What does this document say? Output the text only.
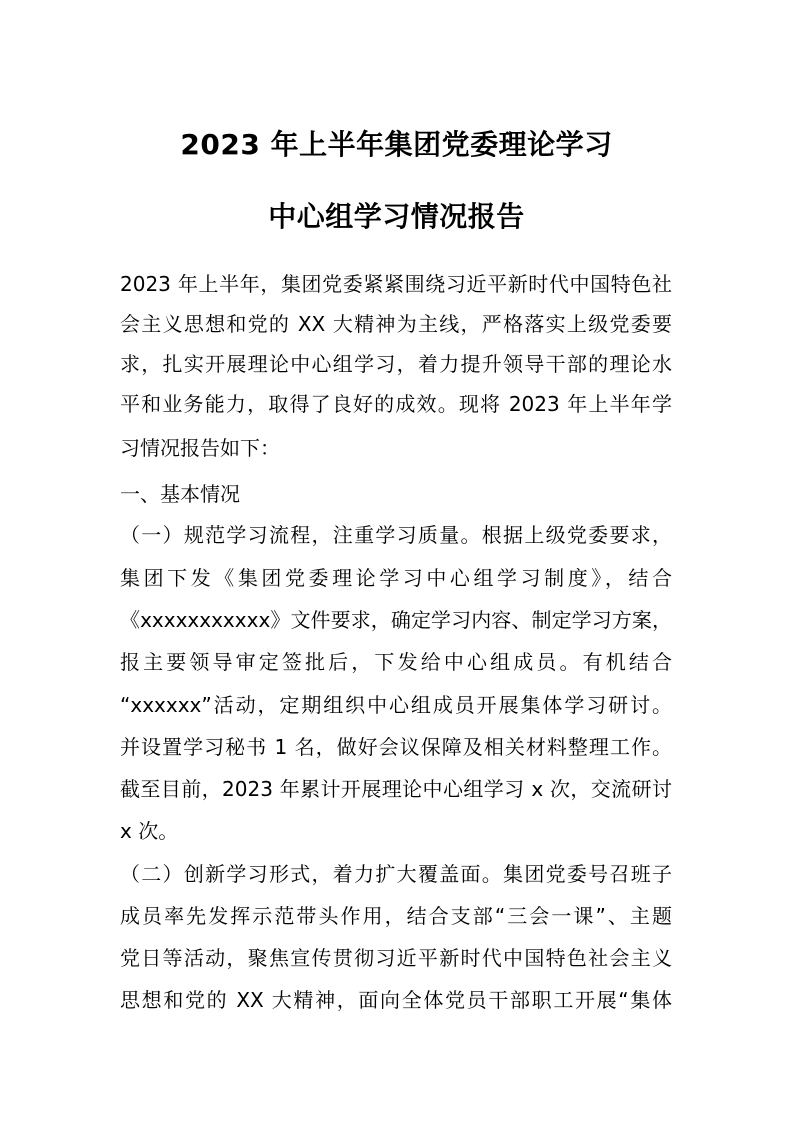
2023 年上半年集团党委理论学习
中心组学习情况报告
2023 年上半年，集团党委紧紧围绕习近平新时代中国特色社
会主义思想和党的 XX 大精神为主线，严格落实上级党委要
求，扎实开展理论中心组学习，着力提升领导干部的理论水
平和业务能力，取得了良好的成效。现将 2023 年上半年学
习情况报告如下：
一、基本情况
（一）规范学习流程，注重学习质量。根据上级党委要求，
集团下发《集团党委理论学习中心组学习制度》，结合
《xxxxxxxxxxx》文件要求，确定学习内容、制定学习方案，
报主要领导审定签批后，下发给中心组成员。有机结合
“xxxxxx”活动，定期组织中心组成员开展集体学习研讨。
并设置学习秘书 1 名，做好会议保障及相关材料整理工作。
截至目前，2023 年累计开展理论中心组学习 x 次，交流研讨
x 次。
（二）创新学习形式，着力扩大覆盖面。集团党委号召班子
成员率先发挥示范带头作用，结合支部“三会一课”、主题
党日等活动，聚焦宣传贯彻习近平新时代中国特色社会主义
思想和党的 XX 大精神，面向全体党员干部职工开展“集体
